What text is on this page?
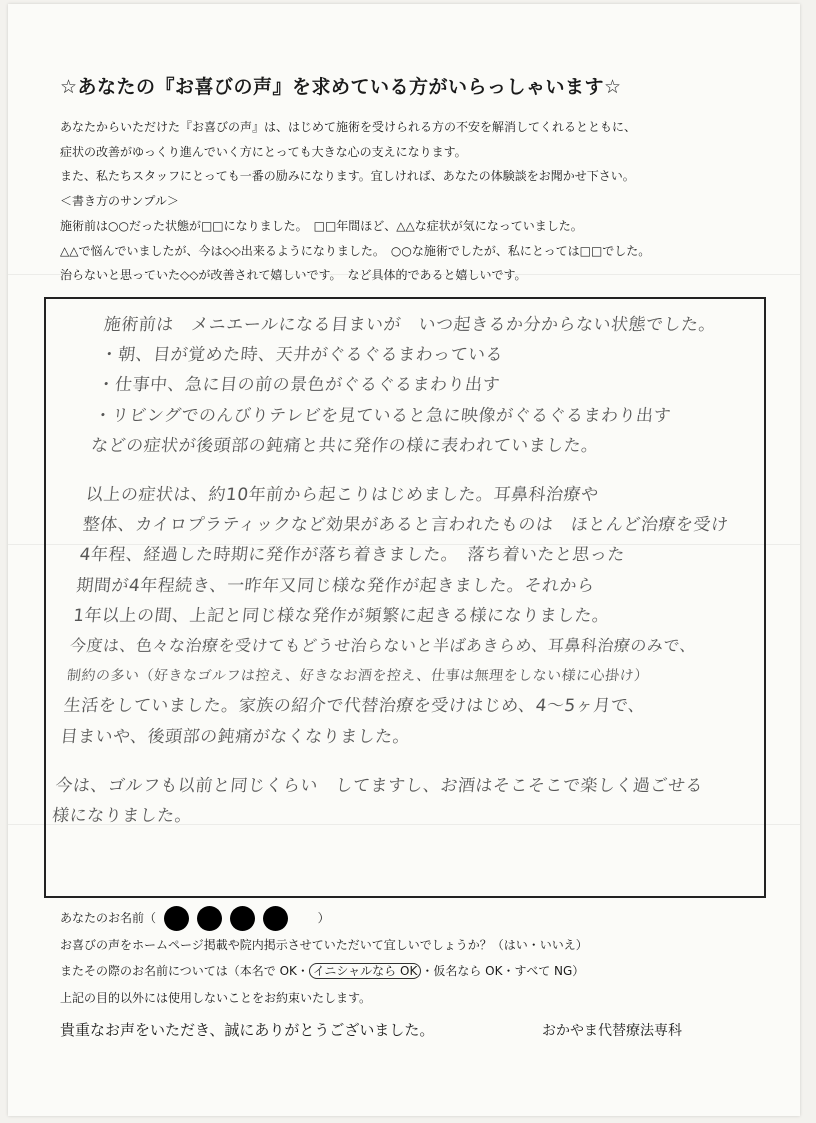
☆あなたの『お喜びの声』を求めている方がいらっしゃいます☆
あなたからいただけた『お喜びの声』は、はじめて施術を受けられる方の不安を解消してくれるとともに、
症状の改善がゆっくり進んでいく方にとっても大きな心の支えになります。
また、私たちスタッフにとっても一番の励みになります。宜しければ、あなたの体験談をお聞かせ下さい。
＜書き方のサンプル＞
施術前は○○だった状態が□□になりました。　□□年間ほど、△△な症状が気になっていました。
△△で悩んでいましたが、今は◇◇出来るようになりました。　○○な施術でしたが、私にとっては□□でした。
治らないと思っていた◇◇が改善されて嬉しいです。　など具体的であると嬉しいです。
施術前は　メニエールになる目まいが　いつ起きるか分からない状態でした。
・朝、目が覚めた時、天井がぐるぐるまわっている
・仕事中、急に目の前の景色がぐるぐるまわり出す
・リビングでのんびりテレビを見ていると急に映像がぐるぐるまわり出す
などの症状が後頭部の鈍痛と共に発作の様に表われていました。
以上の症状は、約10年前から起こりはじめました。耳鼻科治療や
整体、カイロプラティックなど効果があると言われたものは　ほとんど治療を受け
4年程、経過した時期に発作が落ち着きました。　落ち着いたと思った
期間が4年程続き、一昨年又同じ様な発作が起きました。それから
1年以上の間、上記と同じ様な発作が頻繁に起きる様になりました。
今度は、色々な治療を受けてもどうせ治らないと半ばあきらめ、耳鼻科治療のみで、
制約の多い（好きなゴルフは控え、好きなお酒を控え、仕事は無理をしない様に心掛け）
生活をしていました。家族の紹介で代替治療を受けはじめ、4～5ヶ月で、
目まいや、後頭部の鈍痛がなくなりました。
今は、ゴルフも以前と同じくらい　してますし、お酒はそこそこで楽しく過ごせる
様になりました。
あなたのお名前（	）
お喜びの声をホームページ掲載や院内掲示させていただいて宜しいでしょうか？（はい・いいえ）
またその際のお名前については（本名で OK・ イニシャルなら OK ・仮名なら OK・すべて NG）
上記の目的以外には使用しないことをお約束いたします。
貴重なお声をいただき、誠にありがとうございました。	おかやま代替療法専科
